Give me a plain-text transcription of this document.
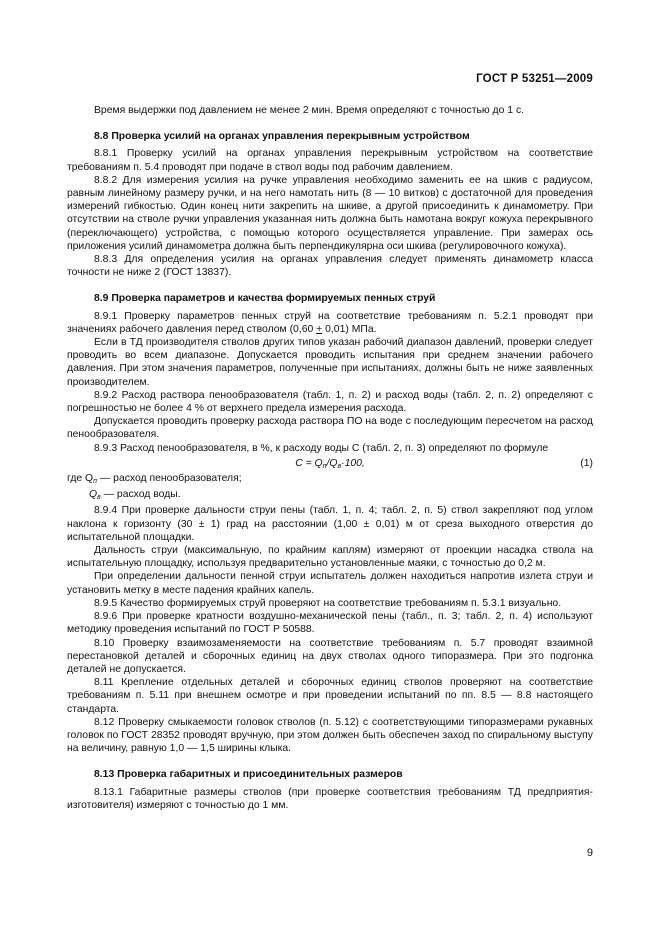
ГОСТ Р 53251—2009

Время выдержки под давлением не менее 2 мин. Время определяют с точностью до 1 с.

8.8 Проверка усилий на органах управления перекрывным устройством

8.8.1 Проверку усилий на органах управления перекрывным устройством на соответствие требованиям п. 5.4 проводят при подаче в ствол воды под рабочим давлением.

8.8.2 Для измерения усилия на ручке управления необходимо заменить ее на шкив с радиусом, равным линейному размеру ручки, и на него намотать нить (8 — 10 витков) с достаточной для проведения измерений гибкостью. Один конец нити закрепить на шкиве, а другой присоединить к динамометру. При отсутствии на стволе ручки управления указанная нить должна быть намотана вокруг кожуха перекрывного (переключающего) устройства, с помощью которого осуществляется управление. При замерах ось приложения усилий динамометра должна быть перпендикулярна оси шкива (регулировочного кожуха).

8.8.3 Для определения усилия на органах управления следует применять динамометр класса точности не ниже 2 (ГОСТ 13837).

8.9 Проверка параметров и качества формируемых пенных струй

8.9.1 Проверку параметров пенных струй на соответствие требованиям п. 5.2.1 проводят при значениях рабочего давления перед стволом (0,60 + 0,01) МПа.

Если в ТД производителя стволов других типов указан рабочий диапазон давлений, проверки следует проводить во всем диапазоне. Допускается проводить испытания при среднем значении рабочего давления. При этом значения параметров, полученные при испытаниях, должны быть не ниже заявленных производителем.

8.9.2 Расход раствора пенообразователя (табл. 1, п. 2) и расход воды (табл. 2, п. 2) определяют с погрешностью не более 4 % от верхнего предела измерения расхода.

Допускается проводить проверку расхода раствора ПО на воде с последующим пересчетом на расход пенообразователя.

8.9.3 Расход пенообразователя, в %, к расходу воды C (табл. 2, п. 3) определяют по формуле

$C = Q_п/Q_в\cdot 100$,	(1)

где $Q_п$ — расход пенообразователя;

$Q_в$ — расход воды.

8.9.4 При проверке дальности струи пены (табл. 1, п. 4; табл. 2, п. 5) ствол закрепляют под углом наклона к горизонту (30 ± 1) град на расстоянии (1,00 ± 0,01) м от среза выходного отверстия до испытательной площадки.

Дальность струи (максимальную, по крайним каплям) измеряют от проекции насадка ствола на испытательную площадку, используя предварительно установленные маяки, с точностью до 0,2 м.

При определении дальности пенной струи испытатель должен находиться напротив излета струи и установить метку в месте падения крайних капель.

8.9.5 Качество формируемых струй проверяют на соответствие требованиям п. 5.3.1 визуально.

8.9.6 При проверке кратности воздушно-механической пены (табл., п. 3; табл. 2, п. 4) используют методику проведения испытаний по ГОСТ Р 50588.

8.10 Проверку взаимозаменяемости на соответствие требованиям п. 5.7 проводят взаимной перестановкой деталей и сборочных единиц на двух стволах одного типоразмера. При это подгонка деталей не допускается.

8.11 Крепление отдельных деталей и сборочных единиц стволов проверяют на соответствие требованиям п. 5.11 при внешнем осмотре и при проведении испытаний по пп. 8.5 — 8.8 настоящего стандарта.

8.12 Проверку смыкаемости головок стволов (п. 5.12) с соответствующими типоразмерами рукавных головок по ГОСТ 28352 проводят вручную, при этом должен быть обеспечен заход по спиральному выступу на величину, равную 1,0 — 1,5 ширины клыка.

8.13 Проверка габаритных и присоединительных размеров

8.13.1 Габаритные размеры стволов (при проверке соответствия требованиям ТД предприятия-изготовителя) измеряют с точностью до 1 мм.

9
